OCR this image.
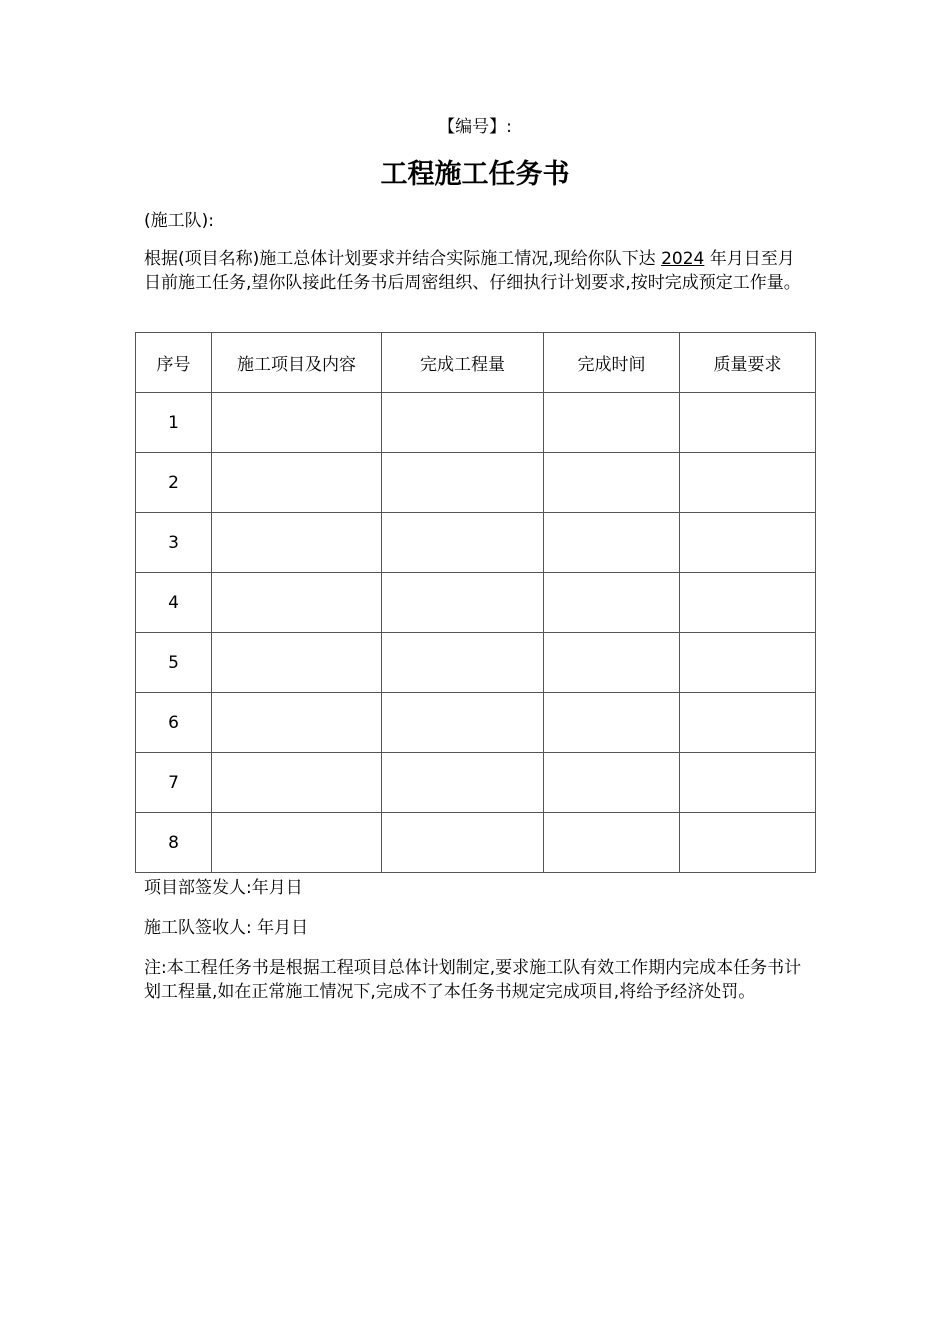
【编号】:
工程施工任务书
(施工队):
根据(项目名称)施工总体计划要求并结合实际施工情况,现给你队下达 2024 年月日至月日前施工任务,望你队接此任务书后周密组织、仔细执行计划要求,按时完成预定工作量。
序号	施工项目及内容	完成工程量	完成时间	质量要求
1				
2				
3				
4				
5				
6				
7				
8				
项目部签发人:年月日
施工队签收人: 年月日
注:本工程任务书是根据工程项目总体计划制定,要求施工队有效工作期内完成本任务书计划工程量,如在正常施工情况下,完成不了本任务书规定完成项目,将给予经济处罚。
